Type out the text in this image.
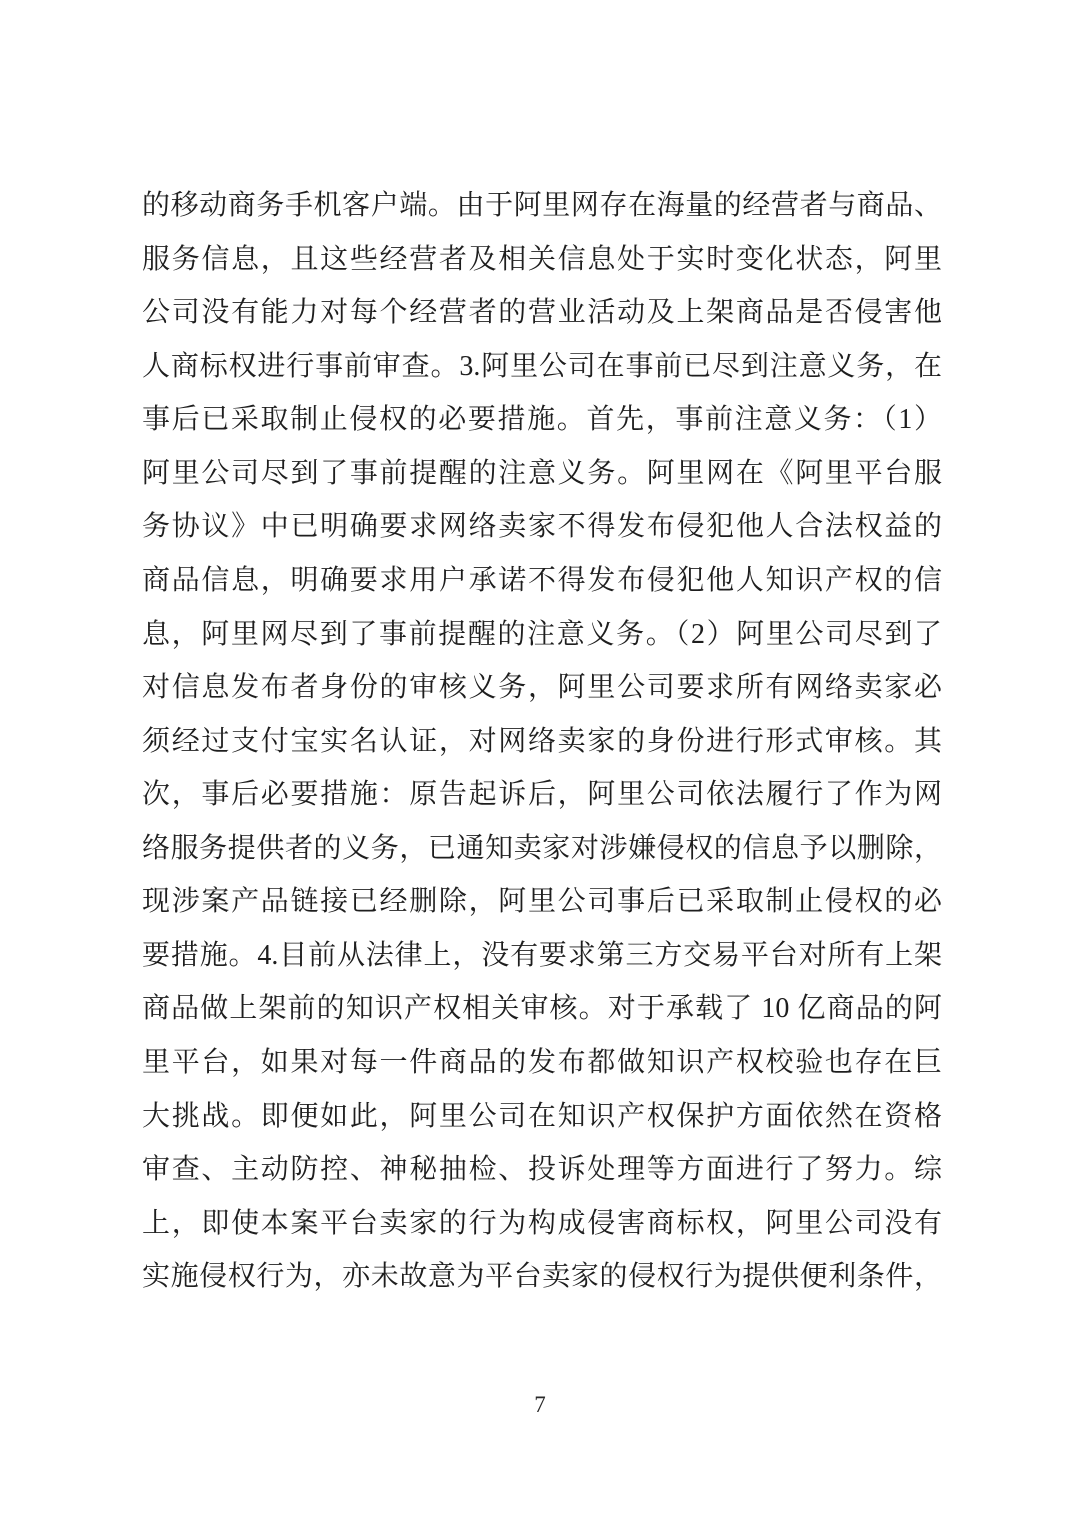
的移动商务手机客户端。由于阿里网存在海量的经营者与商品、
服务信息，且这些经营者及相关信息处于实时变化状态，阿里
公司没有能力对每个经营者的营业活动及上架商品是否侵害他
人商标权进行事前审查。3.阿里公司在事前已尽到注意义务，在
事后已采取制止侵权的必要措施。首先，事前注意义务：（1）
阿里公司尽到了事前提醒的注意义务。阿里网在《阿里平台服
务协议》中已明确要求网络卖家不得发布侵犯他人合法权益的
商品信息，明确要求用户承诺不得发布侵犯他人知识产权的信
息，阿里网尽到了事前提醒的注意义务。（2）阿里公司尽到了
对信息发布者身份的审核义务，阿里公司要求所有网络卖家必
须经过支付宝实名认证，对网络卖家的身份进行形式审核。其
次，事后必要措施：原告起诉后，阿里公司依法履行了作为网
络服务提供者的义务，已通知卖家对涉嫌侵权的信息予以删除，
现涉案产品链接已经删除，阿里公司事后已采取制止侵权的必
要措施。4.目前从法律上，没有要求第三方交易平台对所有上架
商品做上架前的知识产权相关审核。对于承载了 10 亿商品的阿
里平台，如果对每一件商品的发布都做知识产权校验也存在巨
大挑战。即便如此，阿里公司在知识产权保护方面依然在资格
审查、主动防控、神秘抽检、投诉处理等方面进行了努力。综
上，即使本案平台卖家的行为构成侵害商标权，阿里公司没有
实施侵权行为，亦未故意为平台卖家的侵权行为提供便利条件，
7
